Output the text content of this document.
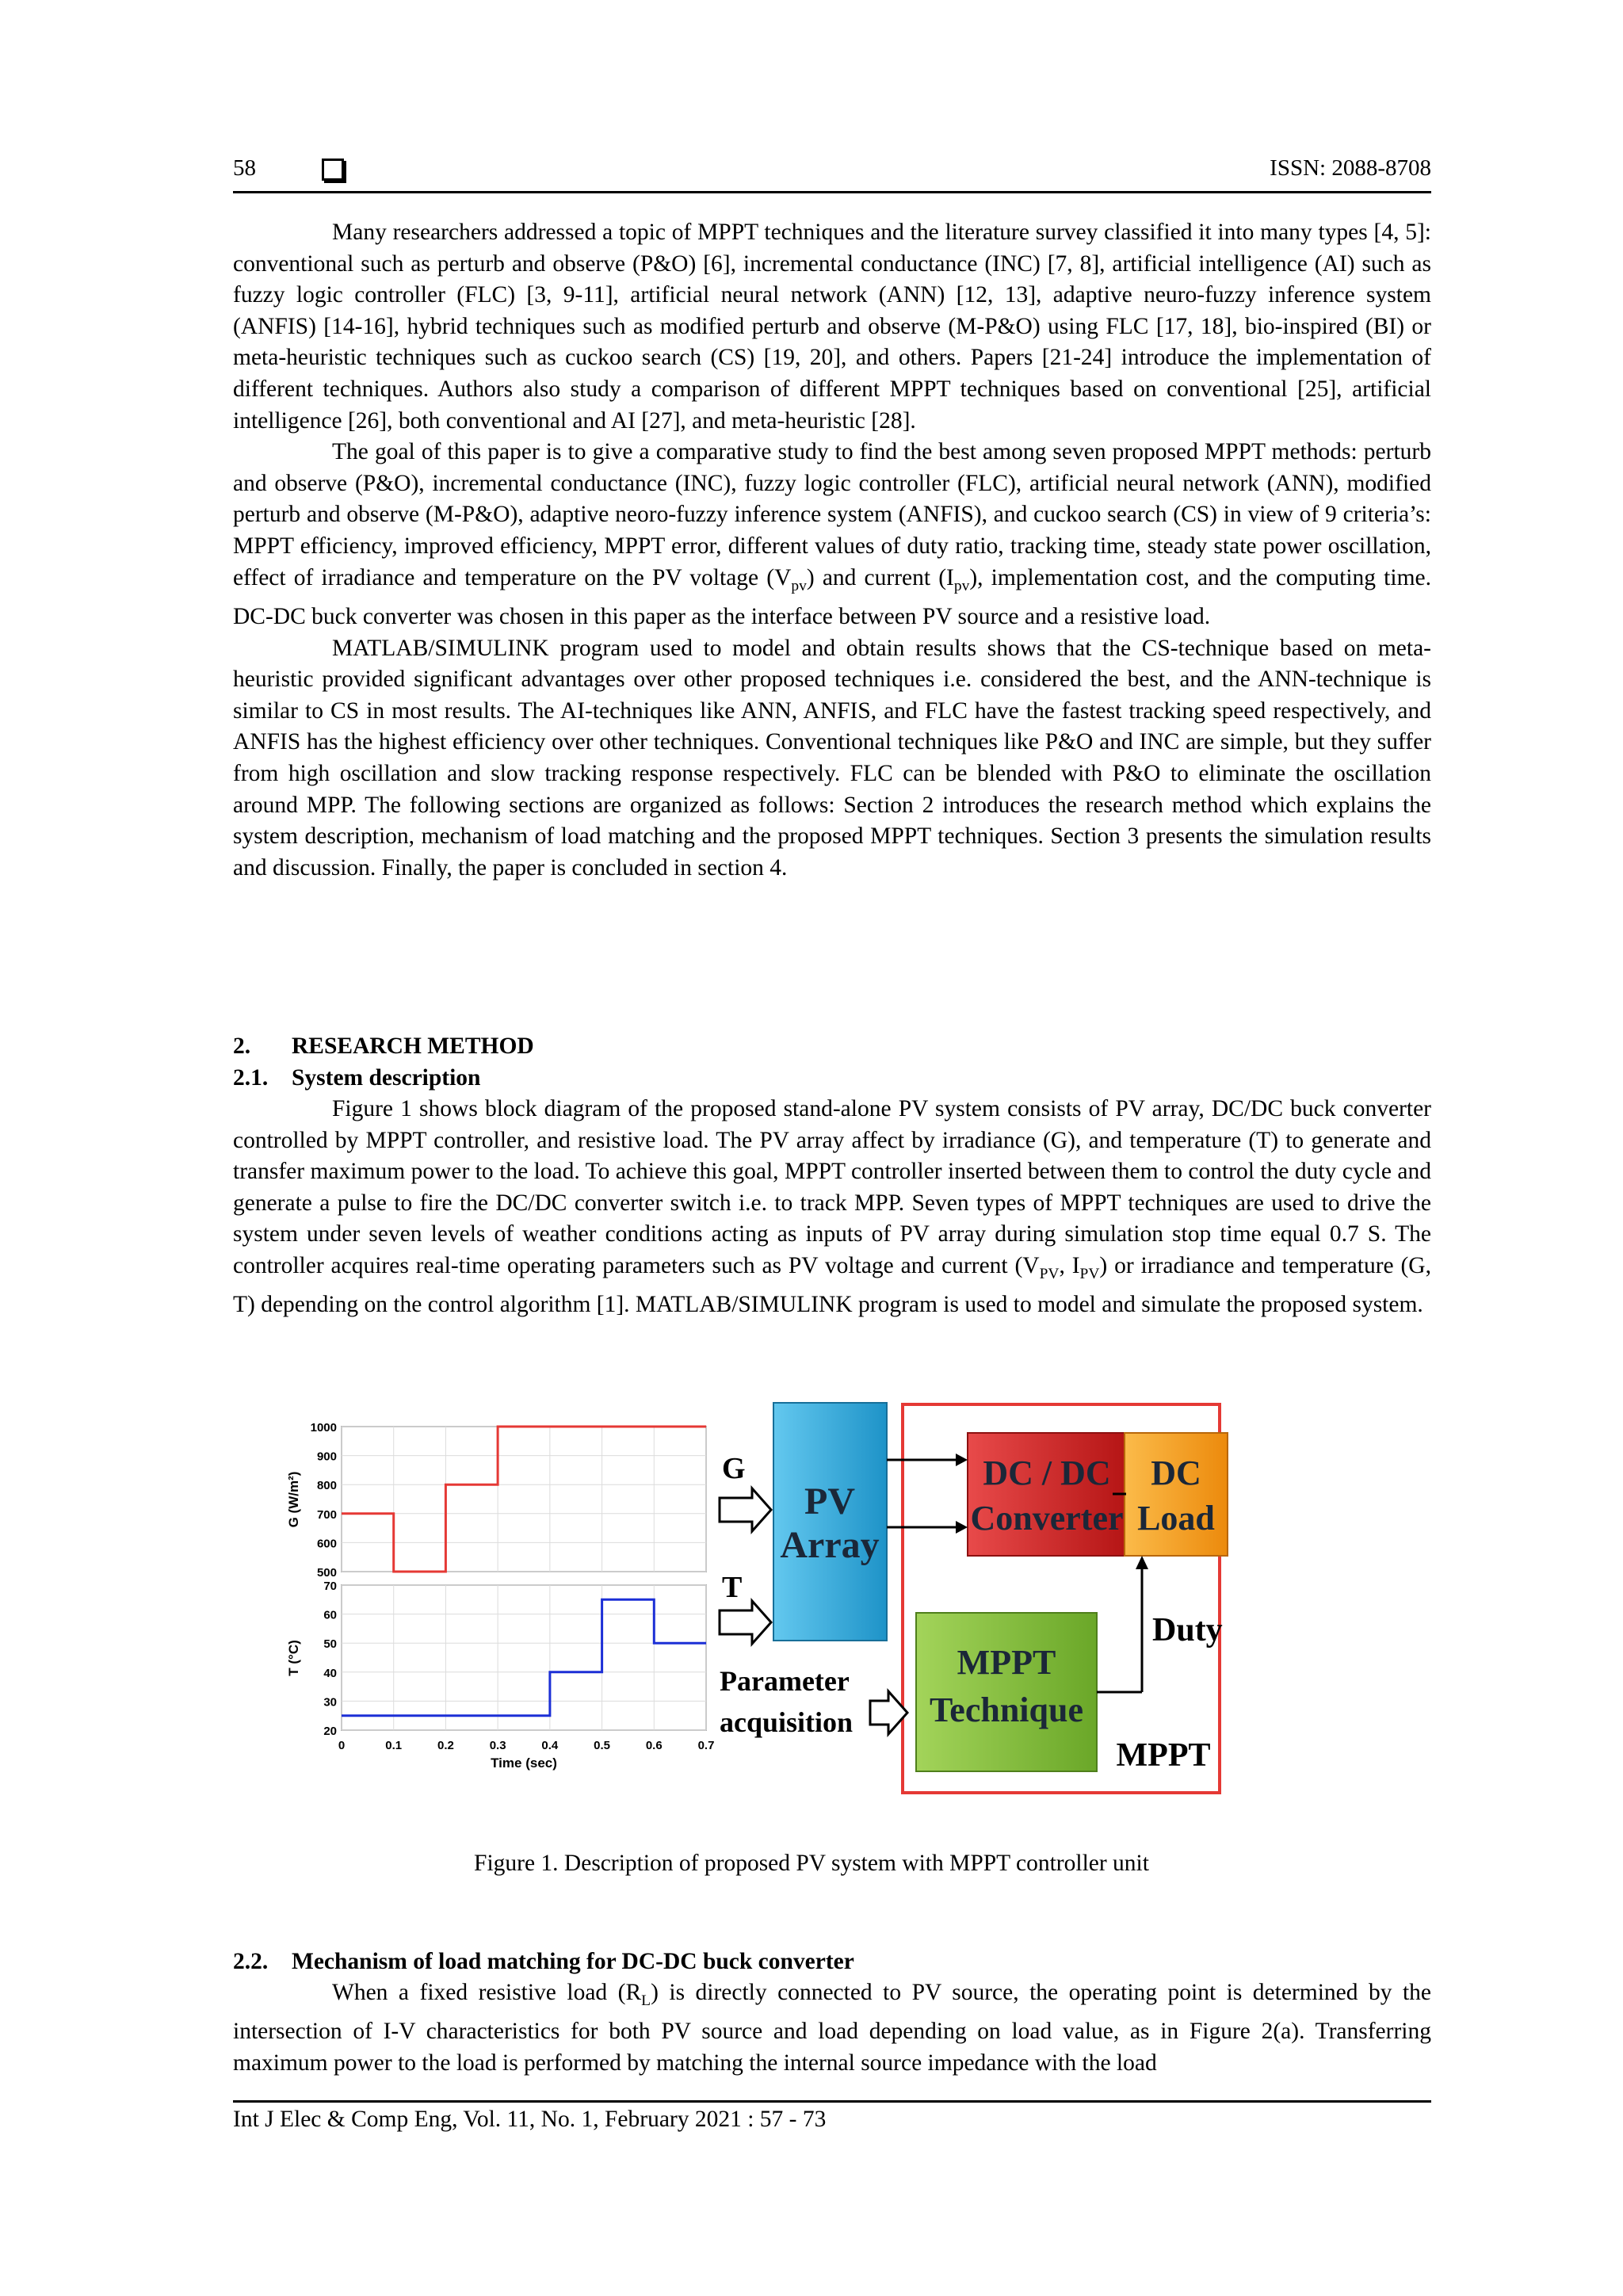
58	ISSN: 2088-8708

Many researchers addressed a topic of MPPT techniques and the literature survey classified it into many types [4, 5]: conventional such as perturb and observe (P&O) [6], incremental conductance (INC) [7, 8], artificial intelligence (AI) such as fuzzy logic controller (FLC) [3, 9-11], artificial neural network (ANN) [12, 13], adaptive neuro-fuzzy inference system (ANFIS) [14-16], hybrid techniques such as modified perturb and observe (M-P&O) using FLC [17, 18], bio-inspired (BI) or meta-heuristic techniques such as cuckoo search (CS) [19, 20], and others. Papers [21-24] introduce the implementation of different techniques. Authors also study a comparison of different MPPT techniques based on conventional [25], artificial intelligence [26], both conventional and AI [27], and meta-heuristic [28].

The goal of this paper is to give a comparative study to find the best among seven proposed MPPT methods: perturb and observe (P&O), incremental conductance (INC), fuzzy logic controller (FLC), artificial neural network (ANN), modified perturb and observe (M-P&O), adaptive neoro-fuzzy inference system (ANFIS), and cuckoo search (CS) in view of 9 criteria’s: MPPT efficiency, improved efficiency, MPPT error, different values of duty ratio, tracking time, steady state power oscillation, effect of irradiance and temperature on the PV voltage $(V_{pv})$ and current $(I_{pv})$, implementation cost, and the computing time. DC-DC buck converter was chosen in this paper as the interface between PV source and a resistive load.

MATLAB/SIMULINK program used to model and obtain results shows that the CS-technique based on meta-heuristic provided significant advantages over other proposed techniques i.e. considered the best, and the ANN-technique is similar to CS in most results. The AI-techniques like ANN, ANFIS, and FLC have the fastest tracking speed respectively, and ANFIS has the highest efficiency over other techniques. Conventional techniques like P&O and INC are simple, but they suffer from high oscillation and slow tracking response respectively. FLC can be blended with P&O to eliminate the oscillation around MPP. The following sections are organized as follows: Section 2 introduces the research method which explains the system description, mechanism of load matching and the proposed MPPT techniques. Section 3 presents the simulation results and discussion. Finally, the paper is concluded in section 4.

2. RESEARCH METHOD
2.1. System description

Figure 1 shows block diagram of the proposed stand-alone PV system consists of PV array, DC/DC buck converter controlled by MPPT controller, and resistive load. The PV array affect by irradiance (G), and temperature (T) to generate and transfer maximum power to the load. To achieve this goal, MPPT controller inserted between them to control the duty cycle and generate a pulse to fire the DC/DC converter switch i.e. to track MPP. Seven types of MPPT techniques are used to drive the system under seven levels of weather conditions acting as inputs of PV array during simulation stop time equal 0.7 S. The controller acquires real-time operating parameters such as PV voltage and current ($V_{PV}$, $I_{PV}$) or irradiance and temperature (G, T) depending on the control algorithm [1]. MATLAB/SIMULINK program is used to model and simulate the proposed system.

1000
900
800
700
600
500
G (W/m²)
70
60
50
40
30
20
0	0.1	0.2	0.3	0.4	0.5	0.6	0.7
T (°C)
Time (sec)
G
T
PV
Array
DC / DC
Converter
DC
Load
MPPT
Technique
Duty
Parameter
acquisition
MPPT
Figure 1. Description of proposed PV system with MPPT controller unit
2.2. Mechanism of load matching for DC-DC buck converter

When a fixed resistive load $(R_L)$ is directly connected to PV source, the operating point is determined by the intersection of I-V characteristics for both PV source and load depending on load value, as in Figure 2(a). Transferring maximum power to the load is performed by matching the internal source impedance with the load

Int J Elec & Comp Eng, Vol. 11, No. 1, February 2021 : 57 - 73
